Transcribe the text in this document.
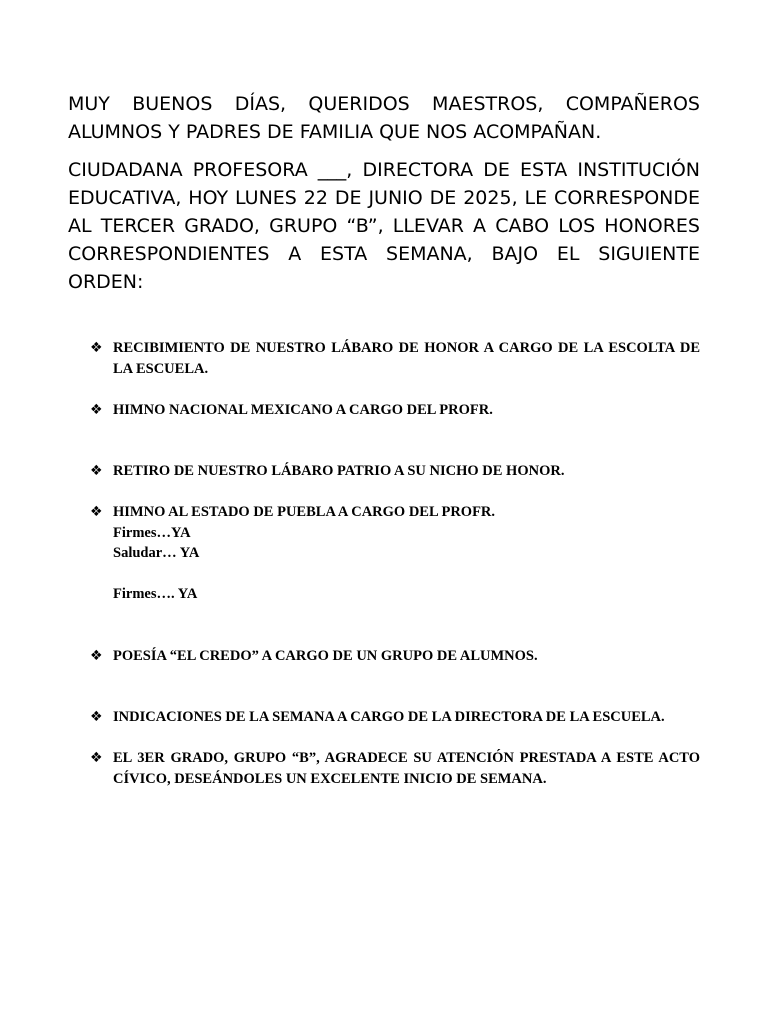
MUY BUENOS DÍAS, QUERIDOS MAESTROS, COMPAÑEROS ALUMNOS Y PADRES DE FAMILIA QUE NOS ACOMPAÑAN.

CIUDADANA PROFESORA ___, DIRECTORA DE ESTA INSTITUCIÓN EDUCATIVA, HOY LUNES 22 DE JUNIO DE 2025, LE CORRESPONDE AL TERCER GRADO, GRUPO “B”, LLEVAR A CABO LOS HONORES CORRESPONDIENTES A ESTA SEMANA, BAJO EL SIGUIENTE ORDEN:

❖ RECIBIMIENTO DE NUESTRO LÁBARO DE HONOR A CARGO DE LA ESCOLTA DE LA ESCUELA.
❖ HIMNO NACIONAL MEXICANO A CARGO DEL PROFR.
❖ RETIRO DE NUESTRO LÁBARO PATRIO A SU NICHO DE HONOR.
❖ HIMNO AL ESTADO DE PUEBLA A CARGO DEL PROFR.
Firmes…YA
Saludar… YA
Firmes…. YA
❖ POESÍA “EL CREDO” A CARGO DE UN GRUPO DE ALUMNOS.
❖ INDICACIONES DE LA SEMANA A CARGO DE LA DIRECTORA DE LA ESCUELA.
❖ EL 3ER GRADO, GRUPO “B”, AGRADECE SU ATENCIÓN PRESTADA A ESTE ACTO CÍVICO, DESEÁNDOLES UN EXCELENTE INICIO DE SEMANA.
